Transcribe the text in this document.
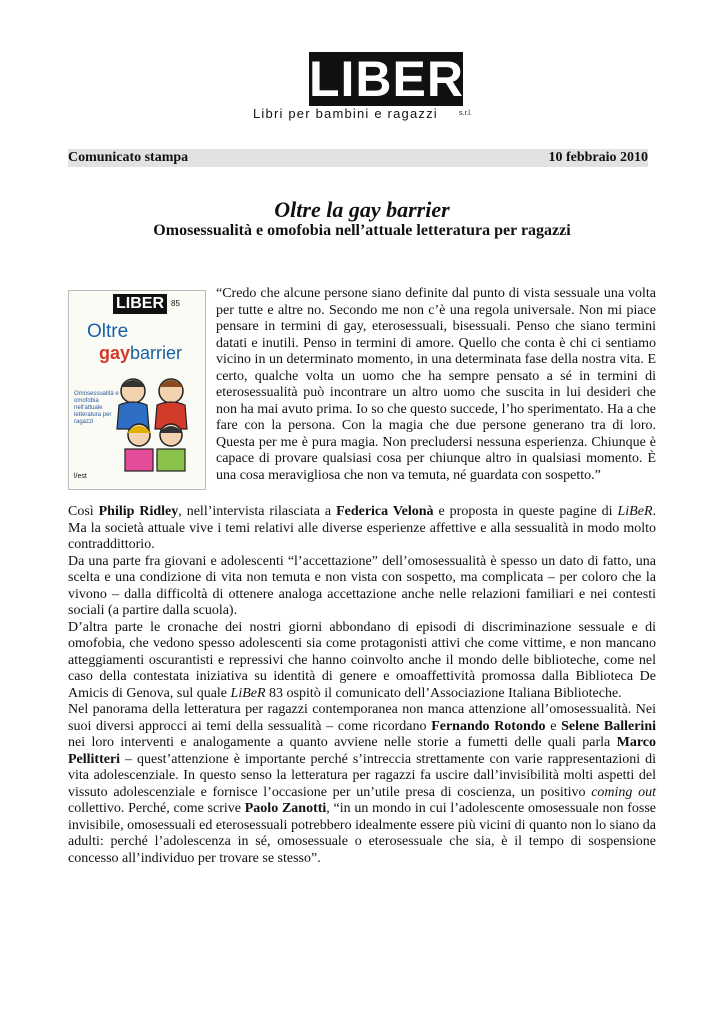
LIBER
Libri per bambini e ragazzi	s.r.l.
Comunicato stampa	10 febbraio 2010
Oltre la gay barrier
Omosessualità e omofobia nell’attuale letteratura per ragazzi
LIBER 85
Oltre
gaybarrier
Omosessualità e omofobia nell'attuale letteratura per ragazzi
l/est
“Credo che alcune persone siano definite dal punto di vista sessuale una volta per tutte e altre no. Secondo me non c’è una regola universale. Non mi piace pensare in termini di gay, eterosessuali, bisessuali. Penso che siano termini datati e inutili. Penso in termini di amore. Quello che conta è chi ci sentiamo vicino in un determinato momento, in una determinata fase della nostra vita. E certo, qualche volta un uomo che ha sempre pensato a sé in termini di eterosessualità può incontrare un altro uomo che suscita in lui desideri che non ha mai avuto prima. Io so che questo succede, l’ho sperimentato. Ha a che fare con la persona. Con la magia che due persone generano tra di loro. Questa per me è pura magia. Non precludersi nessuna esperienza. Chiunque è capace di provare qualsiasi cosa per chiunque altro in qualsiasi momento. È una cosa meravigliosa che non va temuta, né guardata con sospetto.”

Così Philip Ridley, nell’intervista rilasciata a Federica Velonà e proposta in queste pagine di LiBeR. Ma la società attuale vive i temi relativi alle diverse esperienze affettive e alla sessualità in modo molto contraddittorio.

Da una parte fra giovani e adolescenti “l’accettazione” dell’omosessualità è spesso un dato di fatto, una scelta e una condizione di vita non temuta e non vista con sospetto, ma complicata – per coloro che la vivono – dalla difficoltà di ottenere analoga accettazione anche nelle relazioni familiari e nei contesti sociali (a partire dalla scuola).

D’altra parte le cronache dei nostri giorni abbondano di episodi di discriminazione sessuale e di omofobia, che vedono spesso adolescenti sia come protagonisti attivi che come vittime, e non mancano atteggiamenti oscurantisti e repressivi che hanno coinvolto anche il mondo delle biblioteche, come nel caso della contestata iniziativa su identità di genere e omoaffettività promossa dalla Biblioteca De Amicis di Genova, sul quale LiBeR 83 ospitò il comunicato dell’Associazione Italiana Biblioteche.

Nel panorama della letteratura per ragazzi contemporanea non manca attenzione all’omosessualità. Nei suoi diversi approcci ai temi della sessualità – come ricordano Fernando Rotondo e Selene Ballerini nei loro interventi e analogamente a quanto avviene nelle storie a fumetti delle quali parla Marco Pellitteri – quest’attenzione è importante perché s’intreccia strettamente con varie rappresentazioni di vita adolescenziale. In questo senso la letteratura per ragazzi fa uscire dall’invisibilità molti aspetti del vissuto adolescenziale e fornisce l’occasione per un’utile presa di coscienza, un positivo coming out collettivo. Perché, come scrive Paolo Zanotti, “in un mondo in cui l’adolescente omosessuale non fosse invisibile, omosessuali ed eterosessuali potrebbero idealmente essere più vicini di quanto non lo siano da adulti: perché l’adolescenza in sé, omosessuale o eterosessuale che sia, è il tempo di sospensione concesso all’individuo per trovare se stesso”.
